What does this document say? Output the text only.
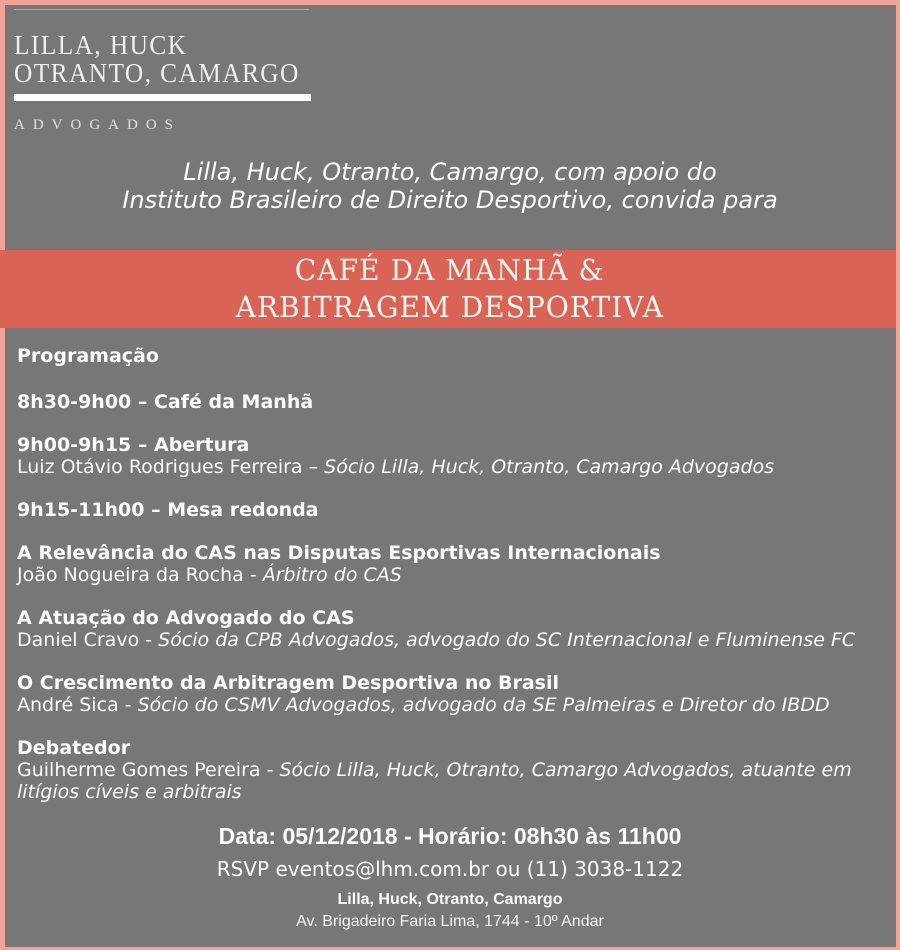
LILLA, HUCK
OTRANTO, CAMARGO
ADVOGADOS
Lilla, Huck, Otranto, Camargo, com apoio do
Instituto Brasileiro de Direito Desportivo, convida para
CAFÉ DA MANHÃ &
ARBITRAGEM DESPORTIVA

Programação

8h30-9h00 – Café da Manhã

9h00-9h15 – Abertura

Luiz Otávio Rodrigues Ferreira – Sócio Lilla, Huck, Otranto, Camargo Advogados

9h15-11h00 – Mesa redonda

A Relevância do CAS nas Disputas Esportivas Internacionais

João Nogueira da Rocha - Árbitro do CAS

A Atuação do Advogado do CAS

Daniel Cravo - Sócio da CPB Advogados, advogado do SC Internacional e Fluminense FC

O Crescimento da Arbitragem Desportiva no Brasil

André Sica - Sócio do CSMV Advogados, advogado da SE Palmeiras e Diretor do IBDD

Debatedor

Guilherme Gomes Pereira - Sócio Lilla, Huck, Otranto, Camargo Advogados, atuante em litígios cíveis e arbitrais

Data: 05/12/2018 - Horário: 08h30 às 11h00
RSVP eventos@lhm.com.br ou (11) 3038-1122
Lilla, Huck, Otranto, Camargo
Av. Brigadeiro Faria Lima, 1744 - 10º Andar
